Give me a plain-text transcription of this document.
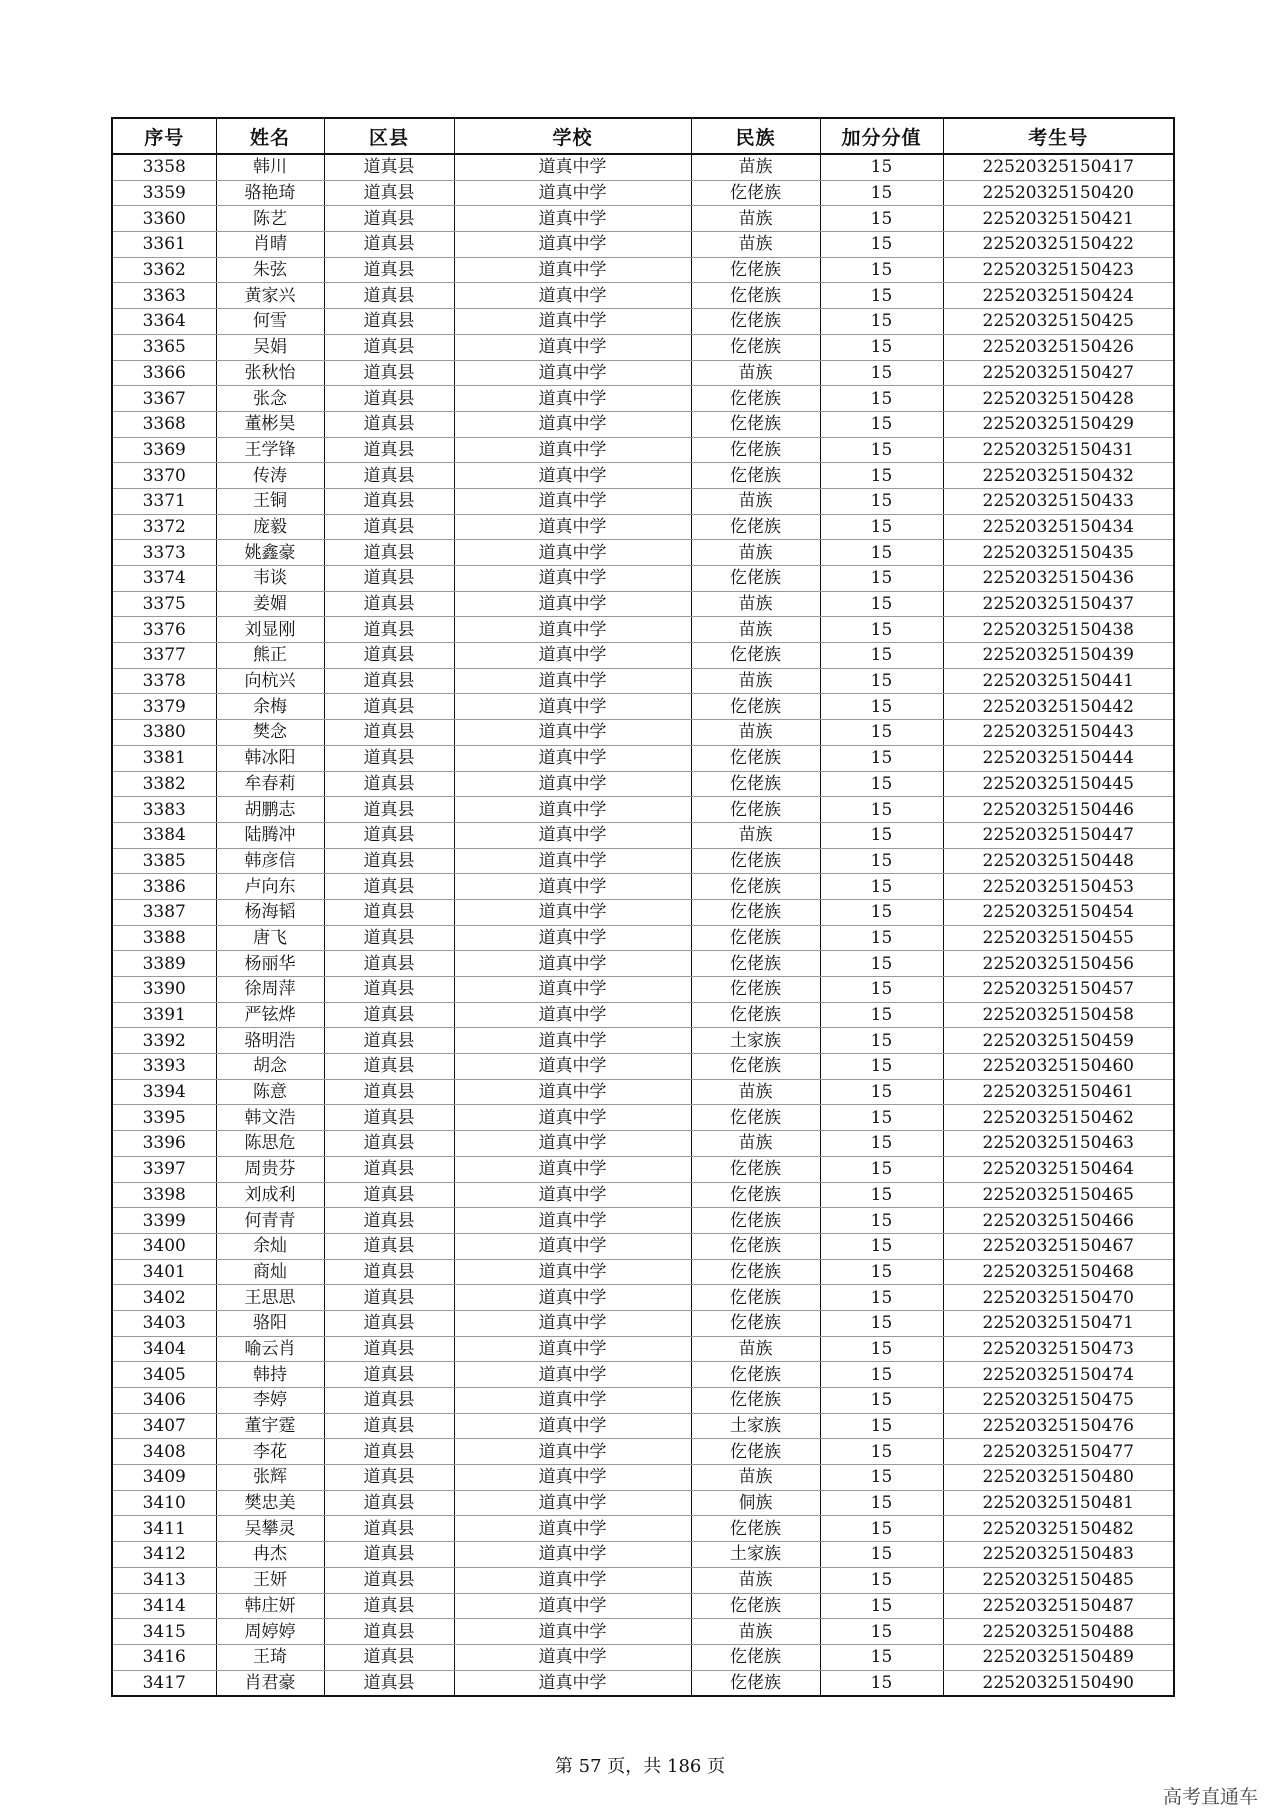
序号	姓名	区县	学校	民族	加分分值	考生号
3358	韩川	道真县	道真中学	苗族	15	22520325150417
3359	骆艳琦	道真县	道真中学	仡佬族	15	22520325150420
3360	陈艺	道真县	道真中学	苗族	15	22520325150421
3361	肖晴	道真县	道真中学	苗族	15	22520325150422
3362	朱弦	道真县	道真中学	仡佬族	15	22520325150423
3363	黄家兴	道真县	道真中学	仡佬族	15	22520325150424
3364	何雪	道真县	道真中学	仡佬族	15	22520325150425
3365	吴娟	道真县	道真中学	仡佬族	15	22520325150426
3366	张秋怡	道真县	道真中学	苗族	15	22520325150427
3367	张念	道真县	道真中学	仡佬族	15	22520325150428
3368	董彬昊	道真县	道真中学	仡佬族	15	22520325150429
3369	王学锋	道真县	道真中学	仡佬族	15	22520325150431
3370	传涛	道真县	道真中学	仡佬族	15	22520325150432
3371	王铜	道真县	道真中学	苗族	15	22520325150433
3372	庞毅	道真县	道真中学	仡佬族	15	22520325150434
3373	姚鑫豪	道真县	道真中学	苗族	15	22520325150435
3374	韦谈	道真县	道真中学	仡佬族	15	22520325150436
3375	姜媚	道真县	道真中学	苗族	15	22520325150437
3376	刘显刚	道真县	道真中学	苗族	15	22520325150438
3377	熊正	道真县	道真中学	仡佬族	15	22520325150439
3378	向杭兴	道真县	道真中学	苗族	15	22520325150441
3379	余梅	道真县	道真中学	仡佬族	15	22520325150442
3380	樊念	道真县	道真中学	苗族	15	22520325150443
3381	韩冰阳	道真县	道真中学	仡佬族	15	22520325150444
3382	牟春莉	道真县	道真中学	仡佬族	15	22520325150445
3383	胡鹏志	道真县	道真中学	仡佬族	15	22520325150446
3384	陆腾冲	道真县	道真中学	苗族	15	22520325150447
3385	韩彦信	道真县	道真中学	仡佬族	15	22520325150448
3386	卢向东	道真县	道真中学	仡佬族	15	22520325150453
3387	杨海韬	道真县	道真中学	仡佬族	15	22520325150454
3388	唐飞	道真县	道真中学	仡佬族	15	22520325150455
3389	杨丽华	道真县	道真中学	仡佬族	15	22520325150456
3390	徐周萍	道真县	道真中学	仡佬族	15	22520325150457
3391	严铉烨	道真县	道真中学	仡佬族	15	22520325150458
3392	骆明浩	道真县	道真中学	土家族	15	22520325150459
3393	胡念	道真县	道真中学	仡佬族	15	22520325150460
3394	陈意	道真县	道真中学	苗族	15	22520325150461
3395	韩文浩	道真县	道真中学	仡佬族	15	22520325150462
3396	陈思危	道真县	道真中学	苗族	15	22520325150463
3397	周贵芬	道真县	道真中学	仡佬族	15	22520325150464
3398	刘成利	道真县	道真中学	仡佬族	15	22520325150465
3399	何青青	道真县	道真中学	仡佬族	15	22520325150466
3400	余灿	道真县	道真中学	仡佬族	15	22520325150467
3401	商灿	道真县	道真中学	仡佬族	15	22520325150468
3402	王思思	道真县	道真中学	仡佬族	15	22520325150470
3403	骆阳	道真县	道真中学	仡佬族	15	22520325150471
3404	喻云肖	道真县	道真中学	苗族	15	22520325150473
3405	韩持	道真县	道真中学	仡佬族	15	22520325150474
3406	李婷	道真县	道真中学	仡佬族	15	22520325150475
3407	董宇霆	道真县	道真中学	土家族	15	22520325150476
3408	李花	道真县	道真中学	仡佬族	15	22520325150477
3409	张辉	道真县	道真中学	苗族	15	22520325150480
3410	樊忠美	道真县	道真中学	侗族	15	22520325150481
3411	吴攀灵	道真县	道真中学	仡佬族	15	22520325150482
3412	冉杰	道真县	道真中学	土家族	15	22520325150483
3413	王妍	道真县	道真中学	苗族	15	22520325150485
3414	韩庄妍	道真县	道真中学	仡佬族	15	22520325150487
3415	周婷婷	道真县	道真中学	苗族	15	22520325150488
3416	王琦	道真县	道真中学	仡佬族	15	22520325150489
3417	肖君豪	道真县	道真中学	仡佬族	15	22520325150490
第 57 页，共 186 页
高考直通车
